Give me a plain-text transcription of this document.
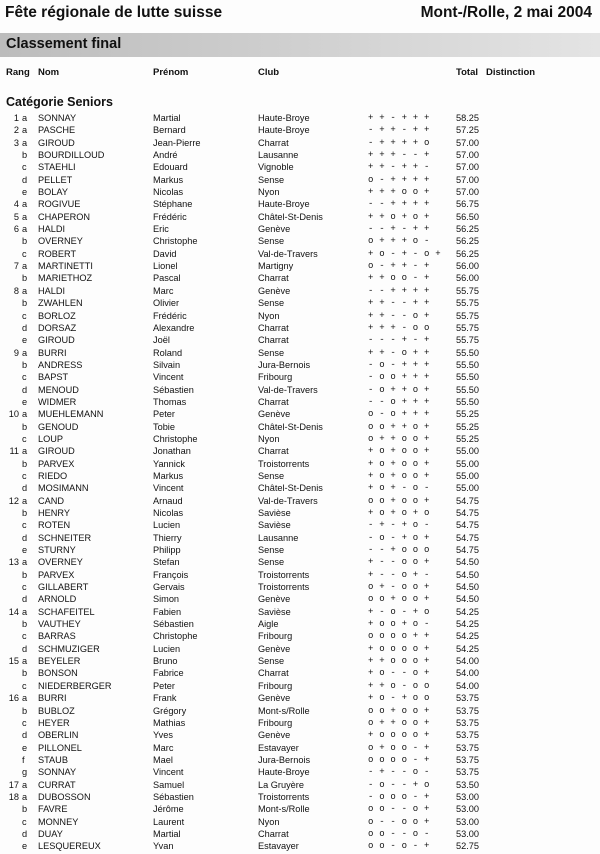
Fête régionale de lutte suisse	Mont-/Rolle, 2 mai 2004
Classement final
Rang Nom	Prénom	Club	Total Distinction
Catégorie Seniors
1 a SONNAY	Martial	Haute-Broye	+ + - + + +	58.25
2 a PASCHE	Bernard	Haute-Broye	- + + - + +	57.25
3 a GIROUD	Jean-Pierre	Charrat	- + + + + o	57.00
b BOURDILLOUD	André	Lausanne	+ + + - - +	57.00
c STAEHLI	Edouard	Vignoble	+ + - + + -	57.00
d PELLET	Markus	Sense	o - + + + +	57.00
e BOLAY	Nicolas	Nyon	+ + + o o +	57.00
4 a ROGIVUE	Stéphane	Haute-Broye	- - + + + +	56.75
5 a CHAPERON	Frédéric	Châtel-St-Denis	+ + o + o +	56.50
6 a HALDI	Eric	Genève	- - + - + +	56.25
b OVERNEY	Christophe	Sense	o + + + o -	56.25
c ROBERT	David	Val-de-Travers	+ o - + - o + 56.25
7 a MARTINETTI	Lionel	Martigny	o - + + - +	56.00
b MARIETHOZ	Pascal	Charrat	+ + o o - +	56.00
8 a HALDI	Marc	Genève	- - + + + +	55.75
b ZWAHLEN	Olivier	Sense	+ + - - + +	55.75
c BORLOZ	Frédéric	Nyon	+ + - - o +	55.75
d DORSAZ	Alexandre	Charrat	+ + + - o o	55.75
e GIROUD	Joël	Charrat	- - - + - +	55.75
9 a BURRI	Roland	Sense	+ + - o + +	55.50
b ANDRESS	Silvain	Jura-Bernois	- o - + + +	55.50
c BAPST	Vincent	Fribourg	- o o + + +	55.50
d MENOUD	Sébastien	Val-de-Travers	- o + + o +	55.50
e WIDMER	Thomas	Charrat	- - o + + +	55.50
10 a MUEHLEMANN	Peter	Genève	o - o + + +	55.25
b GENOUD	Tobie	Châtel-St-Denis	o o + + o +	55.25
c LOUP	Christophe	Nyon	o + + o o +	55.25
11 a GIROUD	Jonathan	Charrat	+ o + o o +	55.00
b PARVEX	Yannick	Troistorrents	+ o + o o +	55.00
c RIEDO	Markus	Sense	+ o + o o +	55.00
d MOSIMANN	Vincent	Châtel-St-Denis	+ o + - o -	55.00
12 a CAND	Arnaud	Val-de-Travers	o o + o o +	54.75
b HENRY	Nicolas	Savièse	+ o + o + o	54.75
c ROTEN	Lucien	Savièse	- + - + o -	54.75
d SCHNEITER	Thierry	Lausanne	- o - + o +	54.75
e STURNY	Philipp	Sense	- - + o o o	54.75
13 a OVERNEY	Stefan	Sense	+ - - o o +	54.50
b PARVEX	François	Troistorrents	+ - - o + -	54.50
c GILLABERT	Gervais	Troistorrents	o + - o o +	54.50
d ARNOLD	Simon	Genève	o o + o o +	54.50
14 a SCHAFEITEL	Fabien	Savièse	+ - o - + o	54.25
b VAUTHEY	Sébastien	Aigle	+ o o + o -	54.25
c BARRAS	Christophe	Fribourg	o o o o + +	54.25
d SCHMUZIGER	Lucien	Genève	+ o o o o +	54.25
15 a BEYELER	Bruno	Sense	+ + o o o +	54.00
b BONSON	Fabrice	Charrat	+ o - - o +	54.00
c NIEDERBERGER	Peter	Fribourg	+ + o - o o	54.00
16 a BURRI	Frank	Genève	+ o - + o o	53.75
b BUBLOZ	Grégory	Mont-s/Rolle	o o + o o +	53.75
c HEYER	Mathias	Fribourg	o + + o o +	53.75
d OBERLIN	Yves	Genève	+ o o o o +	53.75
e PILLONEL	Marc	Estavayer	o + o o - +	53.75
f STAUB	Mael	Jura-Bernois	o o o o - +	53.75
g SONNAY	Vincent	Haute-Broye	- + - - o -	53.75
17 a CURRAT	Samuel	La Gruyère	- o - - + o	53.50
18 a DUBOSSON	Sébastien	Troistorrents	- o o o - +	53.00
b FAVRE	Jérôme	Mont-s/Rolle	o o - - o +	53.00
c MONNEY	Laurent	Nyon	o - - o o +	53.00
d DUAY	Martial	Charrat	o o - - o -	53.00
e LESQUEREUX	Yvan	Estavayer	o o - o - +	52.75
